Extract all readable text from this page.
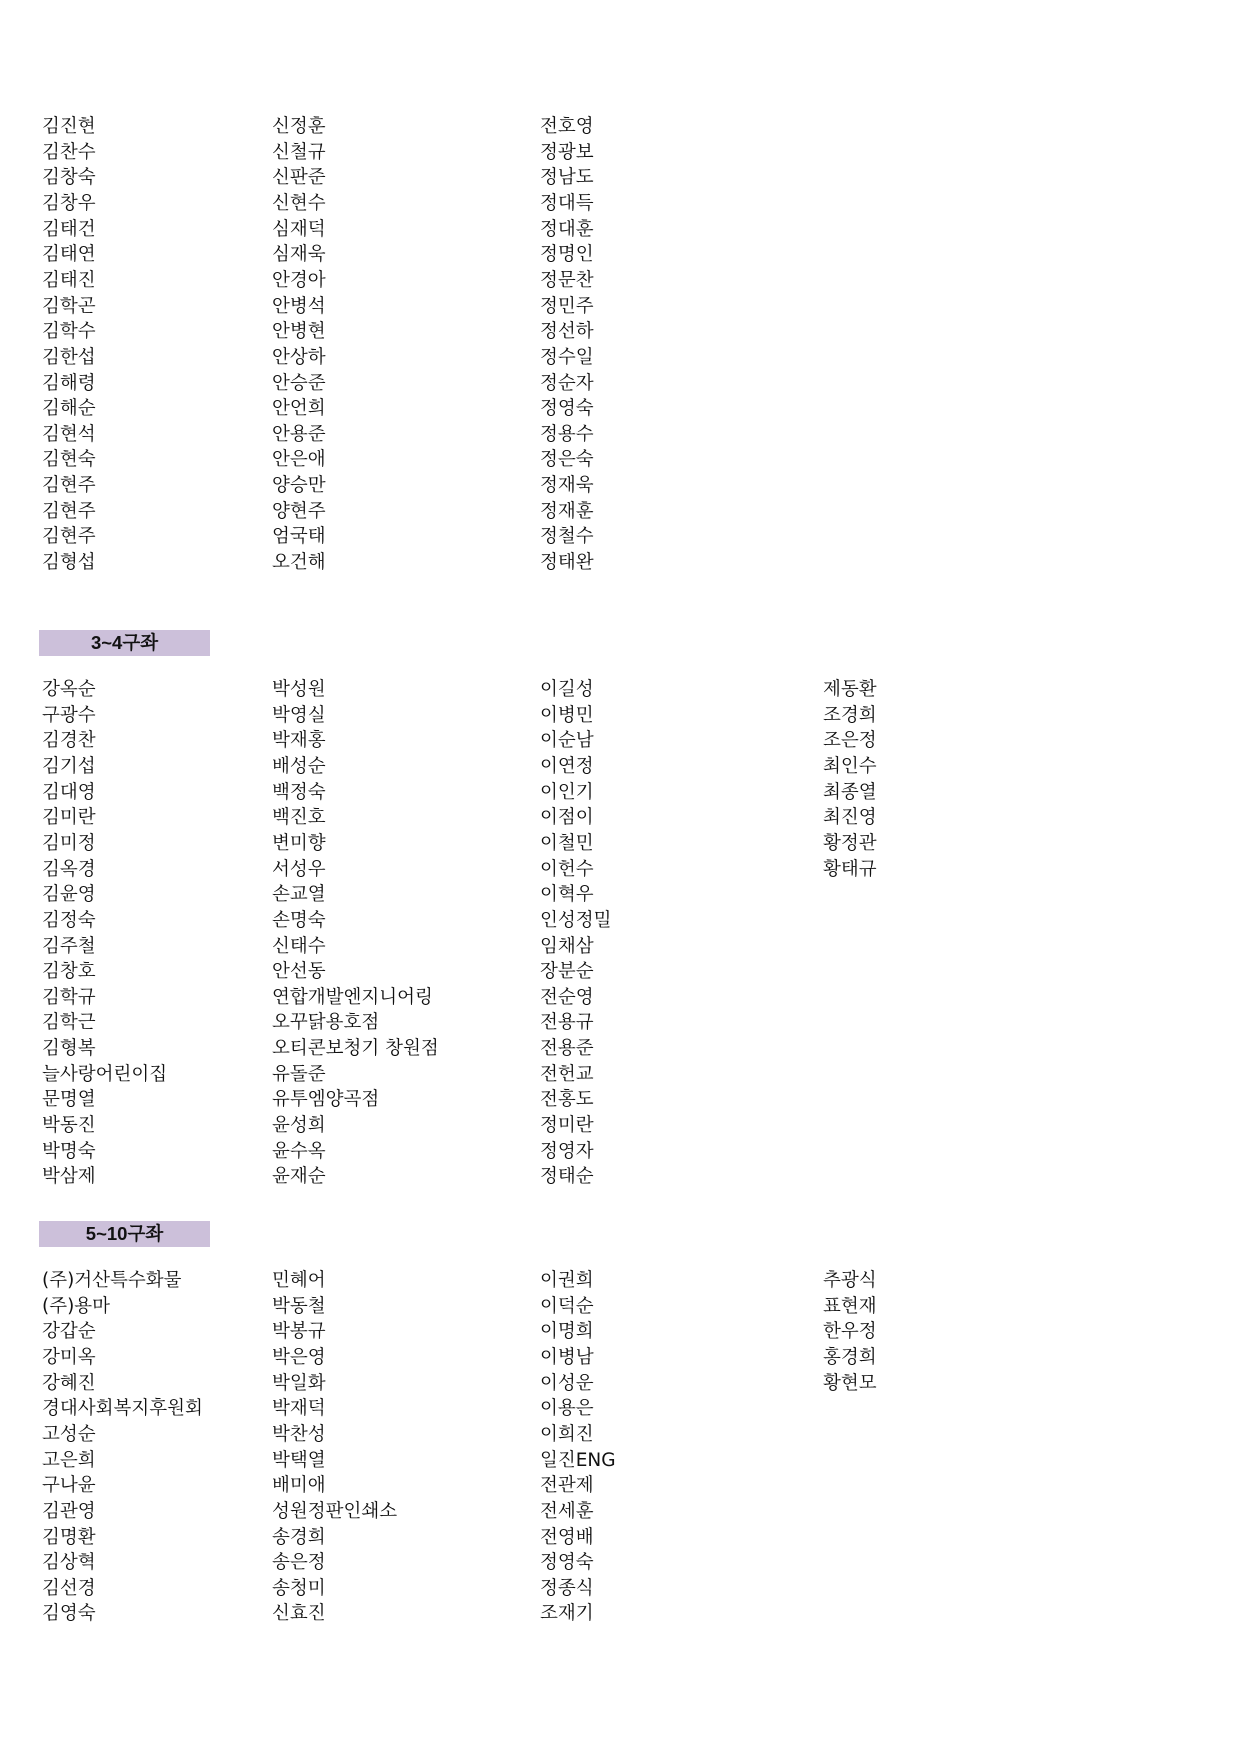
김진현	신정훈	전호영
김찬수	신철규	정광보
김창숙	신판준	정남도
김창우	신현수	정대득
김태건	심재덕	정대훈
김태연	심재욱	정명인
김태진	안경아	정문찬
김학곤	안병석	정민주
김학수	안병현	정선하
김한섭	안상하	정수일
김해령	안승준	정순자
김해순	안언희	정영숙
김현석	안용준	정용수
김현숙	안은애	정은숙
김현주	양승만	정재욱
김현주	양현주	정재훈
김현주	엄국태	정철수
김형섭	오건해	정태완
3~4구좌
강옥순	박성원	이길성	제동환
구광수	박영실	이병민	조경희
김경찬	박재홍	이순남	조은정
김기섭	배성순	이연정	최인수
김대영	백정숙	이인기	최종열
김미란	백진호	이점이	최진영
김미정	변미향	이철민	황정관
김옥경	서성우	이헌수	황태규
김윤영	손교열	이혁우
김정숙	손명숙	인성정밀
김주철	신태수	임채삼
김창호	안선동	장분순
김학규	연합개발엔지니어링	전순영
김학근	오꾸닭용호점	전용규
김형복	오티콘보청기 창원점	전용준
늘사랑어린이집	유돌준	전헌교
문명열	유투엠양곡점	전홍도
박동진	윤성희	정미란
박명숙	윤수옥	정영자
박삼제	윤재순	정태순
5~10구좌
(주)거산특수화물	민혜어	이권희	추광식
(주)용마	박동철	이덕순	표현재
강갑순	박봉규	이명희	한우정
강미옥	박은영	이병남	홍경희
강혜진	박일화	이성운	황현모
경대사회복지후원회	박재덕	이용은
고성순	박찬성	이희진
고은희	박택열	일진ENG
구나윤	배미애	전관제
김관영	성원정판인쇄소	전세훈
김명환	송경희	전영배
김상혁	송은정	정영숙
김선경	송청미	정종식
김영숙	신효진	조재기
